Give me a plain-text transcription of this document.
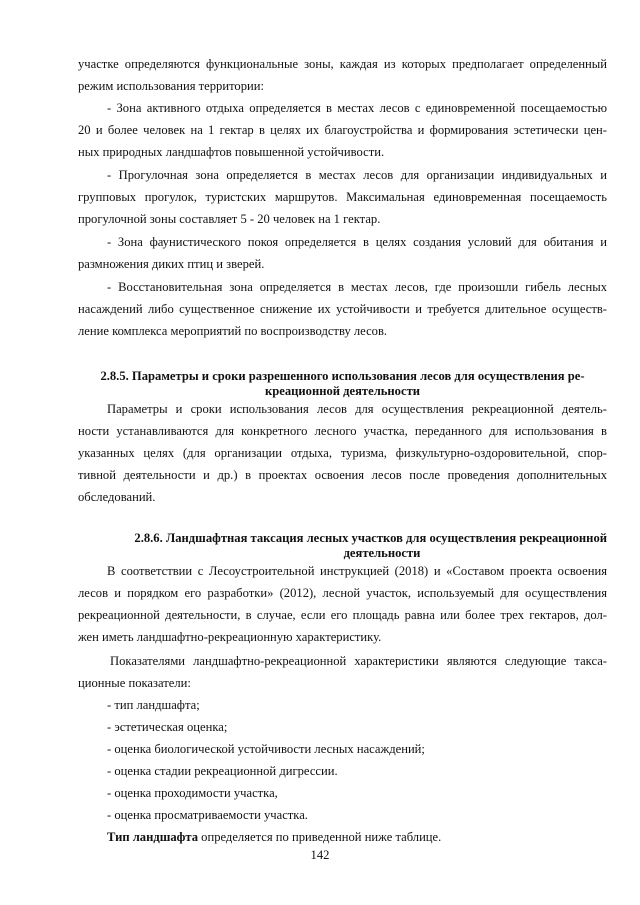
участке определяются функциональные зоны, каждая из которых предполагает определенный
режим использования территории:
- Зона активного отдыха определяется в местах лесов с единовременной посещаемостью
20 и более человек на 1 гектар в целях их благоустройства и формирования эстетически цен-
ных природных ландшафтов повышенной устойчивости.
- Прогулочная зона определяется в местах лесов для организации индивидуальных и
групповых прогулок, туристских маршрутов. Максимальная единовременная посещаемость
прогулочной зоны составляет 5 - 20 человек на 1 гектар.
- Зона фаунистического покоя определяется в целях создания условий для обитания и
размножения диких птиц и зверей.
- Восстановительная зона определяется в местах лесов, где произошли гибель лесных
насаждений либо существенное снижение их устойчивости и требуется длительное осуществ-
ление комплекса мероприятий по воспроизводству лесов.
2.8.5. Параметры и сроки разрешенного использования лесов для осуществления ре-
креационной деятельности
Параметры и сроки использования лесов для осуществления рекреационной деятель-
ности устанавливаются для конкретного лесного участка, переданного для использования в
указанных целях (для организации отдыха, туризма, физкультурно-оздоровительной, спор-
тивной деятельности и др.) в проектах освоения лесов после проведения дополнительных
обследований.
2.8.6. Ландшафтная таксация лесных участков для осуществления рекреационной
деятельности
В соответствии с Лесоустроительной инструкцией (2018) и «Составом проекта освоения
лесов и порядком его разработки» (2012), лесной участок, используемый для осуществления
рекреационной деятельности, в случае, если его площадь равна или более трех гектаров, дол-
жен иметь ландшафтно-рекреационную характеристику.
Показателями ландшафтно-рекреационной характеристики являются следующие такса-
ционные показатели:
- тип ландшафта;
- эстетическая оценка;
- оценка биологической устойчивости лесных насаждений;
- оценка стадии рекреационной дигрессии.
- оценка проходимости участка,
- оценка просматриваемости участка.
Тип ландшафта определяется по приведенной ниже таблице.
142
